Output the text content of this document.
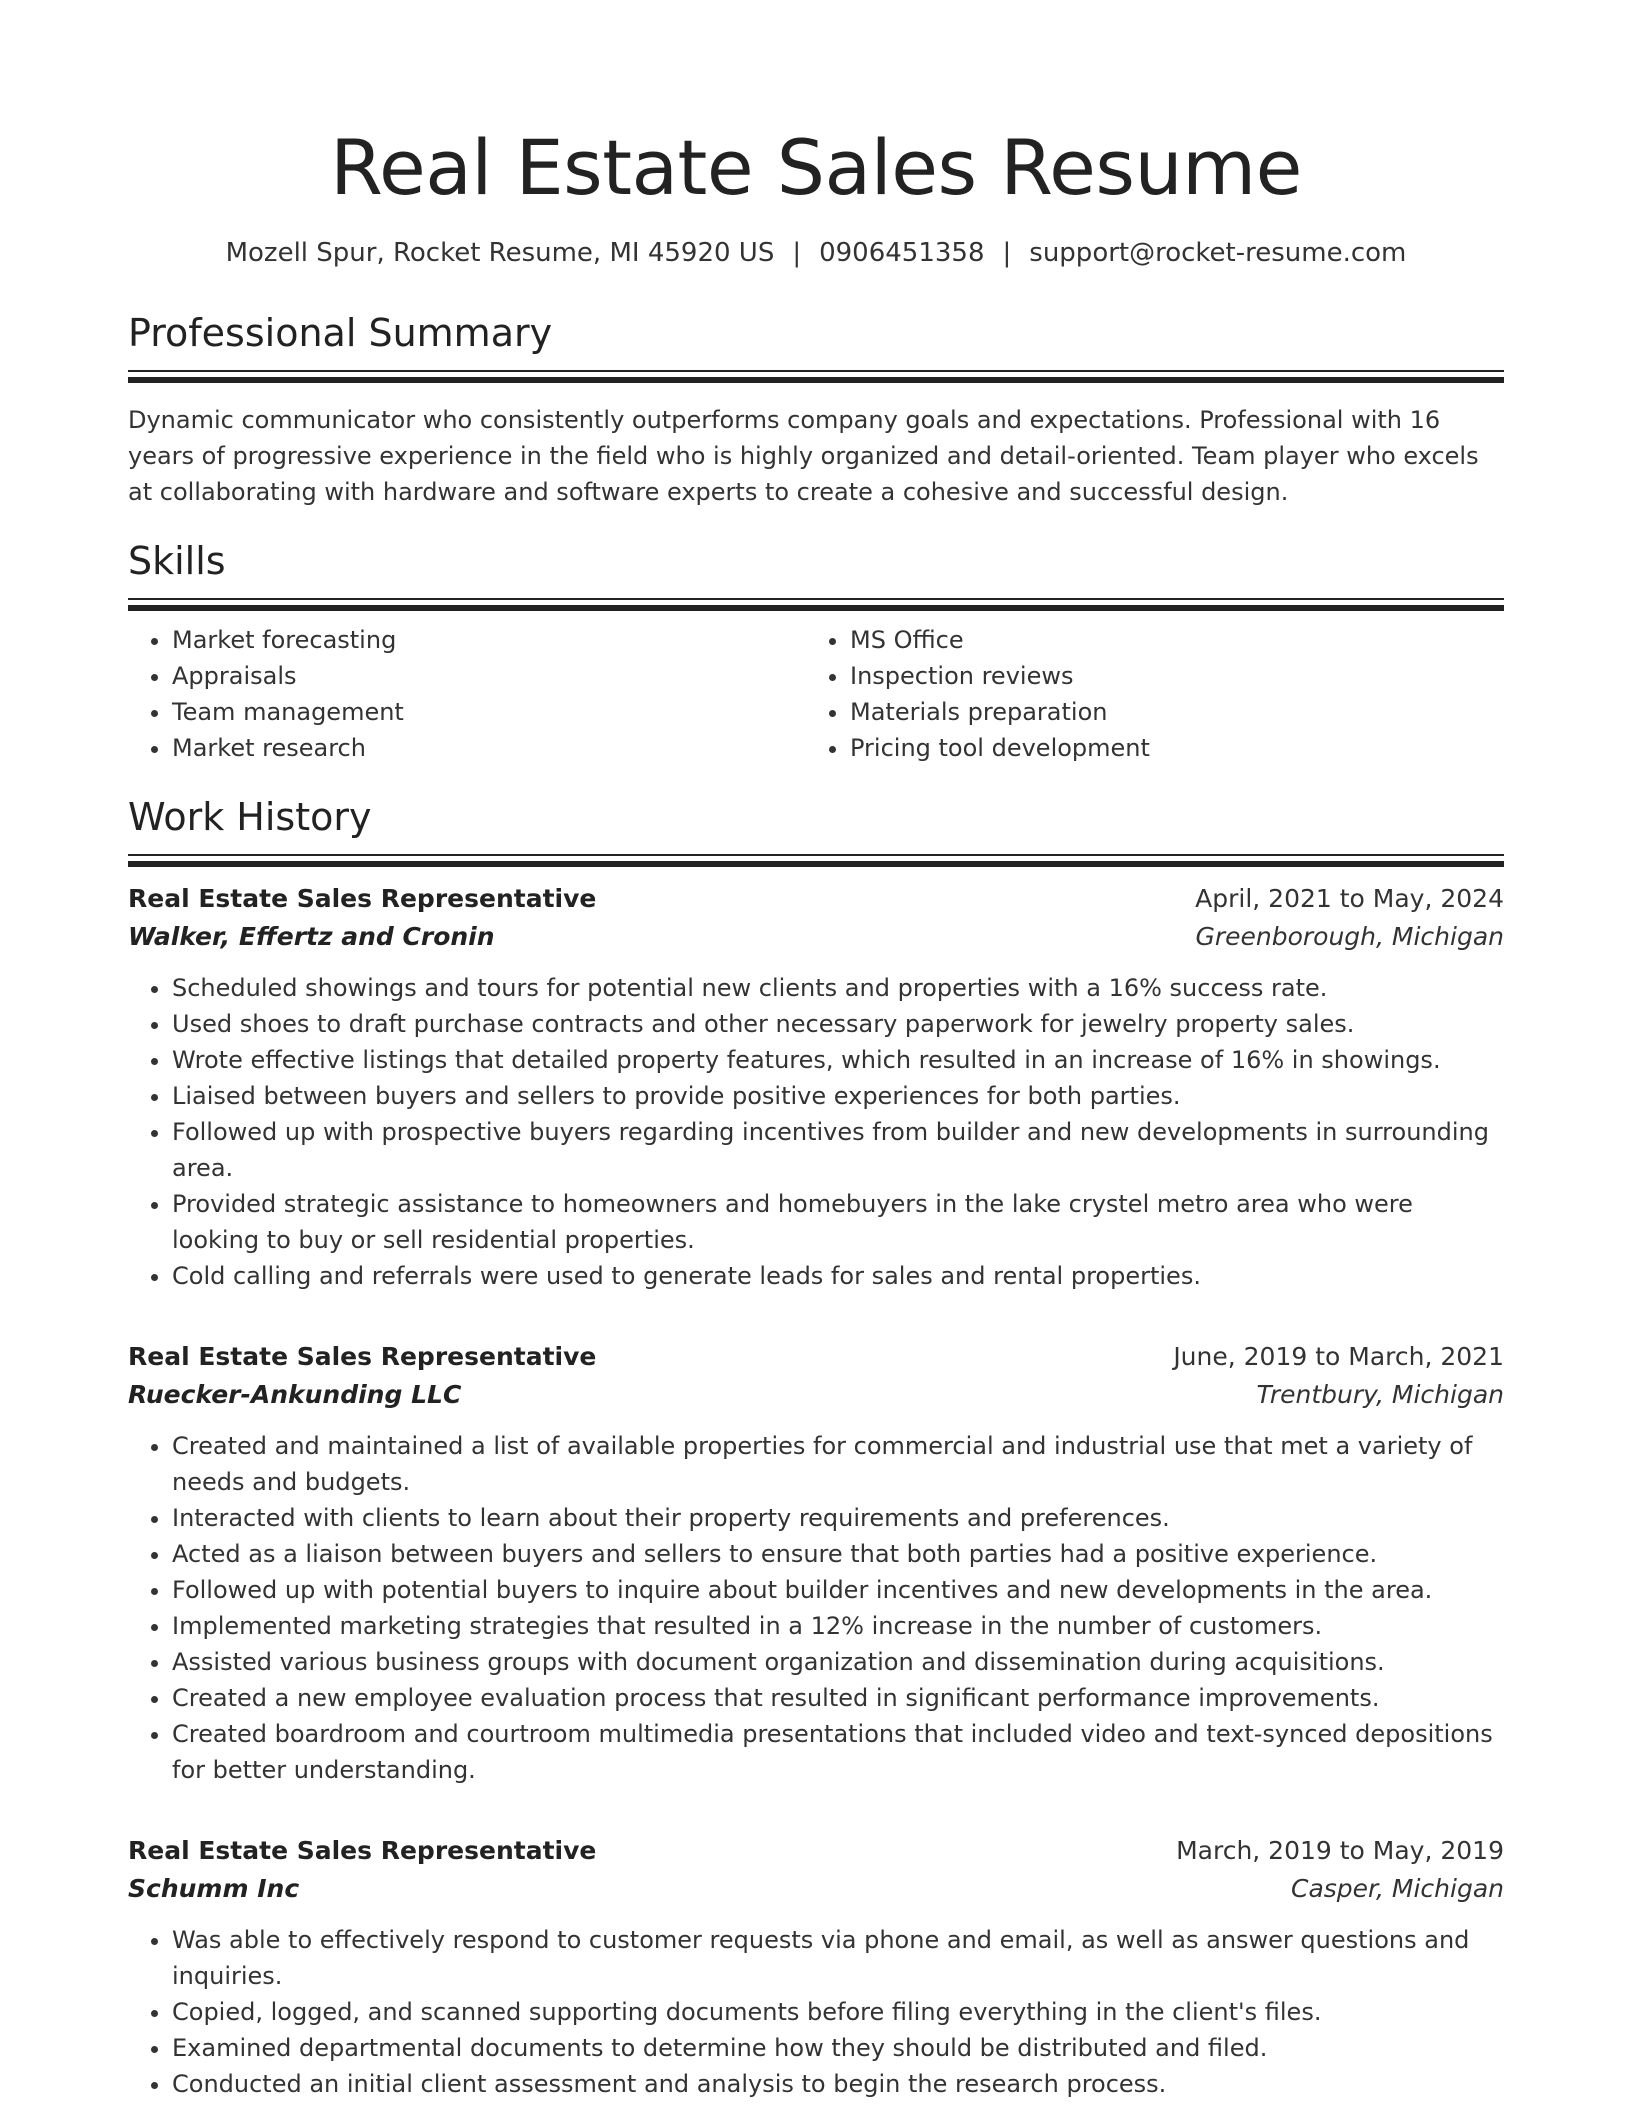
Real Estate Sales Resume
Mozell Spur, Rocket Resume, MI 45920 US | 0906451358 | support@rocket-resume.com
Professional Summary

Dynamic communicator who consistently outperforms company goals and expectations. Professional with 16 years of progressive experience in the field who is highly organized and detail-oriented. Team player who excels at collaborating with hardware and software experts to create a cohesive and successful design.

Skills
• Market forecasting
• Appraisals
• Team management
• Market research
• MS Office
• Inspection reviews
• Materials preparation
• Pricing tool development
Work History
Real Estate Sales Representative	April, 2021 to May, 2024
Walker, Effertz and Cronin	Greenborough, Michigan
• Scheduled showings and tours for potential new clients and properties with a 16% success rate.
• Used shoes to draft purchase contracts and other necessary paperwork for jewelry property sales.
• Wrote effective listings that detailed property features, which resulted in an increase of 16% in showings.
• Liaised between buyers and sellers to provide positive experiences for both parties.
• Followed up with prospective buyers regarding incentives from builder and new developments in surrounding area.
• Provided strategic assistance to homeowners and homebuyers in the lake crystel metro area who were looking to buy or sell residential properties.
• Cold calling and referrals were used to generate leads for sales and rental properties.
Real Estate Sales Representative	June, 2019 to March, 2021
Ruecker-Ankunding LLC	Trentbury, Michigan
• Created and maintained a list of available properties for commercial and industrial use that met a variety of needs and budgets.
• Interacted with clients to learn about their property requirements and preferences.
• Acted as a liaison between buyers and sellers to ensure that both parties had a positive experience.
• Followed up with potential buyers to inquire about builder incentives and new developments in the area.
• Implemented marketing strategies that resulted in a 12% increase in the number of customers.
• Assisted various business groups with document organization and dissemination during acquisitions.
• Created a new employee evaluation process that resulted in significant performance improvements.
• Created boardroom and courtroom multimedia presentations that included video and text-synced depositions for better understanding.
Real Estate Sales Representative	March, 2019 to May, 2019
Schumm Inc	Casper, Michigan
• Was able to effectively respond to customer requests via phone and email, as well as answer questions and inquiries.
• Copied, logged, and scanned supporting documents before filing everything in the client's files.
• Examined departmental documents to determine how they should be distributed and filed.
• Conducted an initial client assessment and analysis to begin the research process.
